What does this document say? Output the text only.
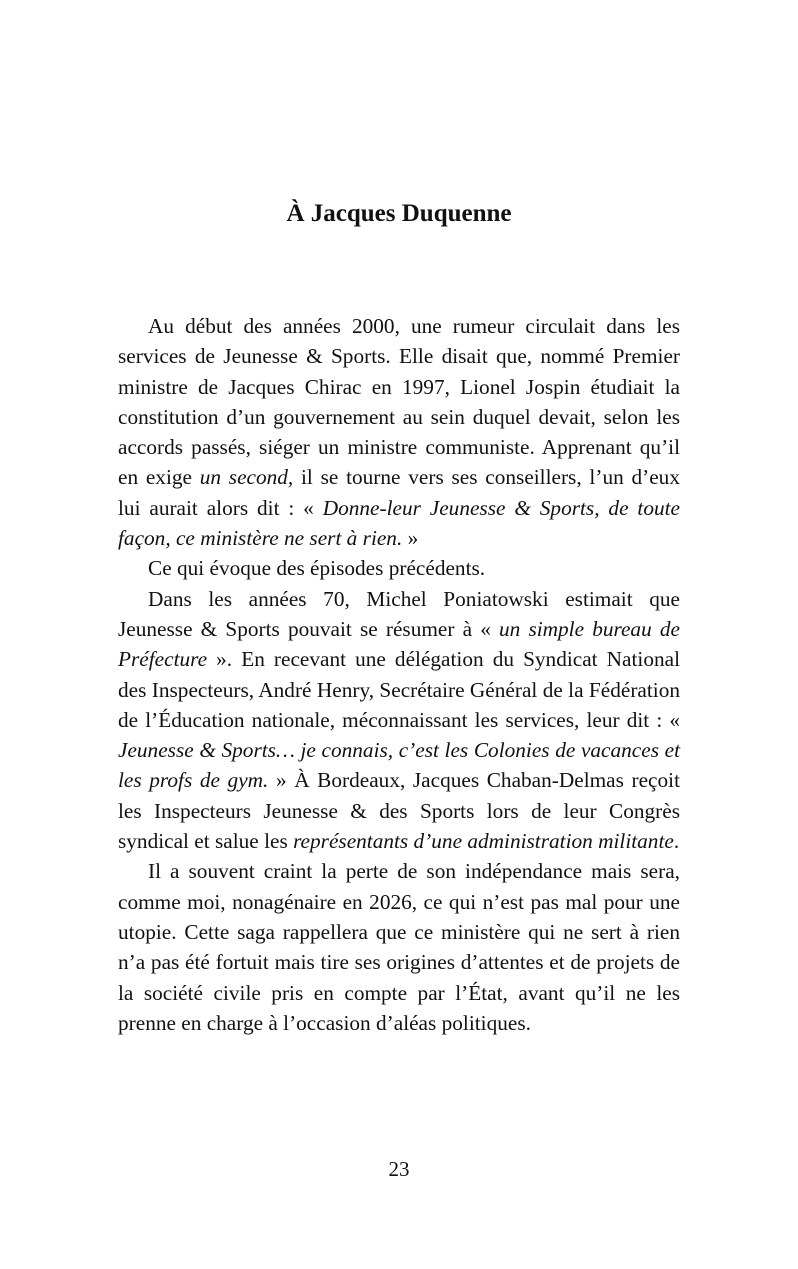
À Jacques Duquenne

Au début des années 2000, une rumeur circulait dans les services de Jeunesse & Sports. Elle disait que, nommé Premier ministre de Jacques Chirac en 1997, Lionel Jospin étudiait la constitution d’un gouvernement au sein duquel devait, selon les accords passés, siéger un ministre communiste. Apprenant qu’il en exige un second, il se tourne vers ses conseillers, l’un d’eux lui aurait alors dit : « Donne-leur Jeunesse & Sports, de toute façon, ce ministère ne sert à rien. »

Ce qui évoque des épisodes précédents.

Dans les années 70, Michel Poniatowski estimait que Jeunesse & Sports pouvait se résumer à « un simple bureau de Préfecture ». En recevant une délégation du Syndicat National des Inspecteurs, André Henry, Secrétaire Général de la Fédération de l’Éducation nationale, méconnaissant les services, leur dit : « Jeunesse & Sports… je connais, c’est les Colonies de vacances et les profs de gym. » À Bordeaux, Jacques Chaban-Delmas reçoit les Inspecteurs Jeunesse & des Sports lors de leur Congrès syndical et salue les représentants d’une administration militante.

Il a souvent craint la perte de son indépendance mais sera, comme moi, nonagénaire en 2026, ce qui n’est pas mal pour une utopie. Cette saga rappellera que ce ministère qui ne sert à rien n’a pas été fortuit mais tire ses origines d’attentes et de projets de la société civile pris en compte par l’État, avant qu’il ne les prenne en charge à l’occasion d’aléas politiques.

23
